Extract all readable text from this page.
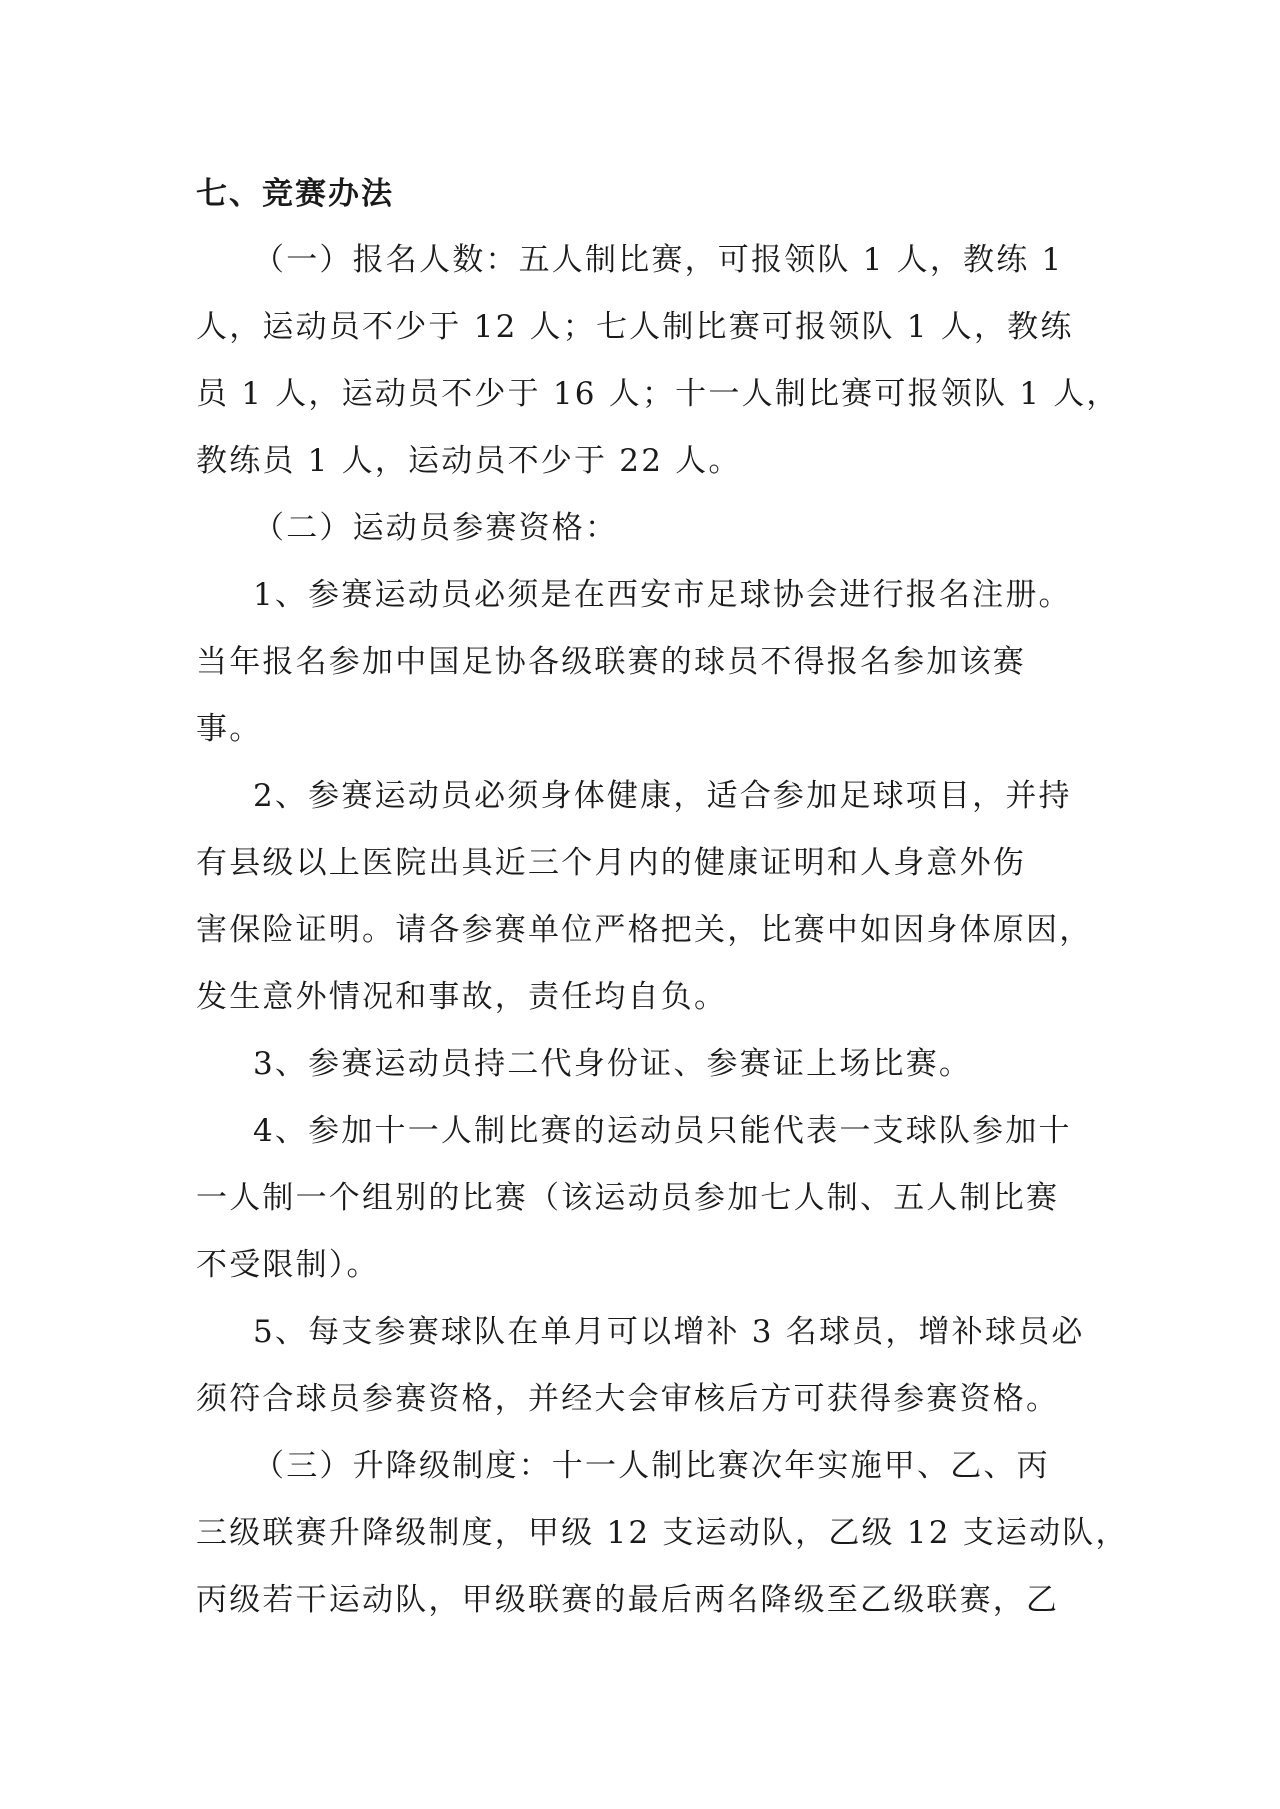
七、竞赛办法
（一）报名人数：五人制比赛，可报领队 1 人，教练 1
人，运动员不少于 12 人；七人制比赛可报领队 1 人，教练
员 1 人，运动员不少于 16 人；十一人制比赛可报领队 1 人，
教练员 1 人，运动员不少于 22 人。
（二）运动员参赛资格：
1、参赛运动员必须是在西安市足球协会进行报名注册。
当年报名参加中国足协各级联赛的球员不得报名参加该赛
事。
2、参赛运动员必须身体健康，适合参加足球项目，并持
有县级以上医院出具近三个月内的健康证明和人身意外伤
害保险证明。请各参赛单位严格把关，比赛中如因身体原因，
发生意外情况和事故，责任均自负。
3、参赛运动员持二代身份证、参赛证上场比赛。
4、参加十一人制比赛的运动员只能代表一支球队参加十
一人制一个组别的比赛（该运动员参加七人制、五人制比赛
不受限制）。
5、每支参赛球队在单月可以增补 3 名球员，增补球员必
须符合球员参赛资格，并经大会审核后方可获得参赛资格。
（三）升降级制度：十一人制比赛次年实施甲、乙、丙
三级联赛升降级制度，甲级 12 支运动队，乙级 12 支运动队，
丙级若干运动队，甲级联赛的最后两名降级至乙级联赛，乙
